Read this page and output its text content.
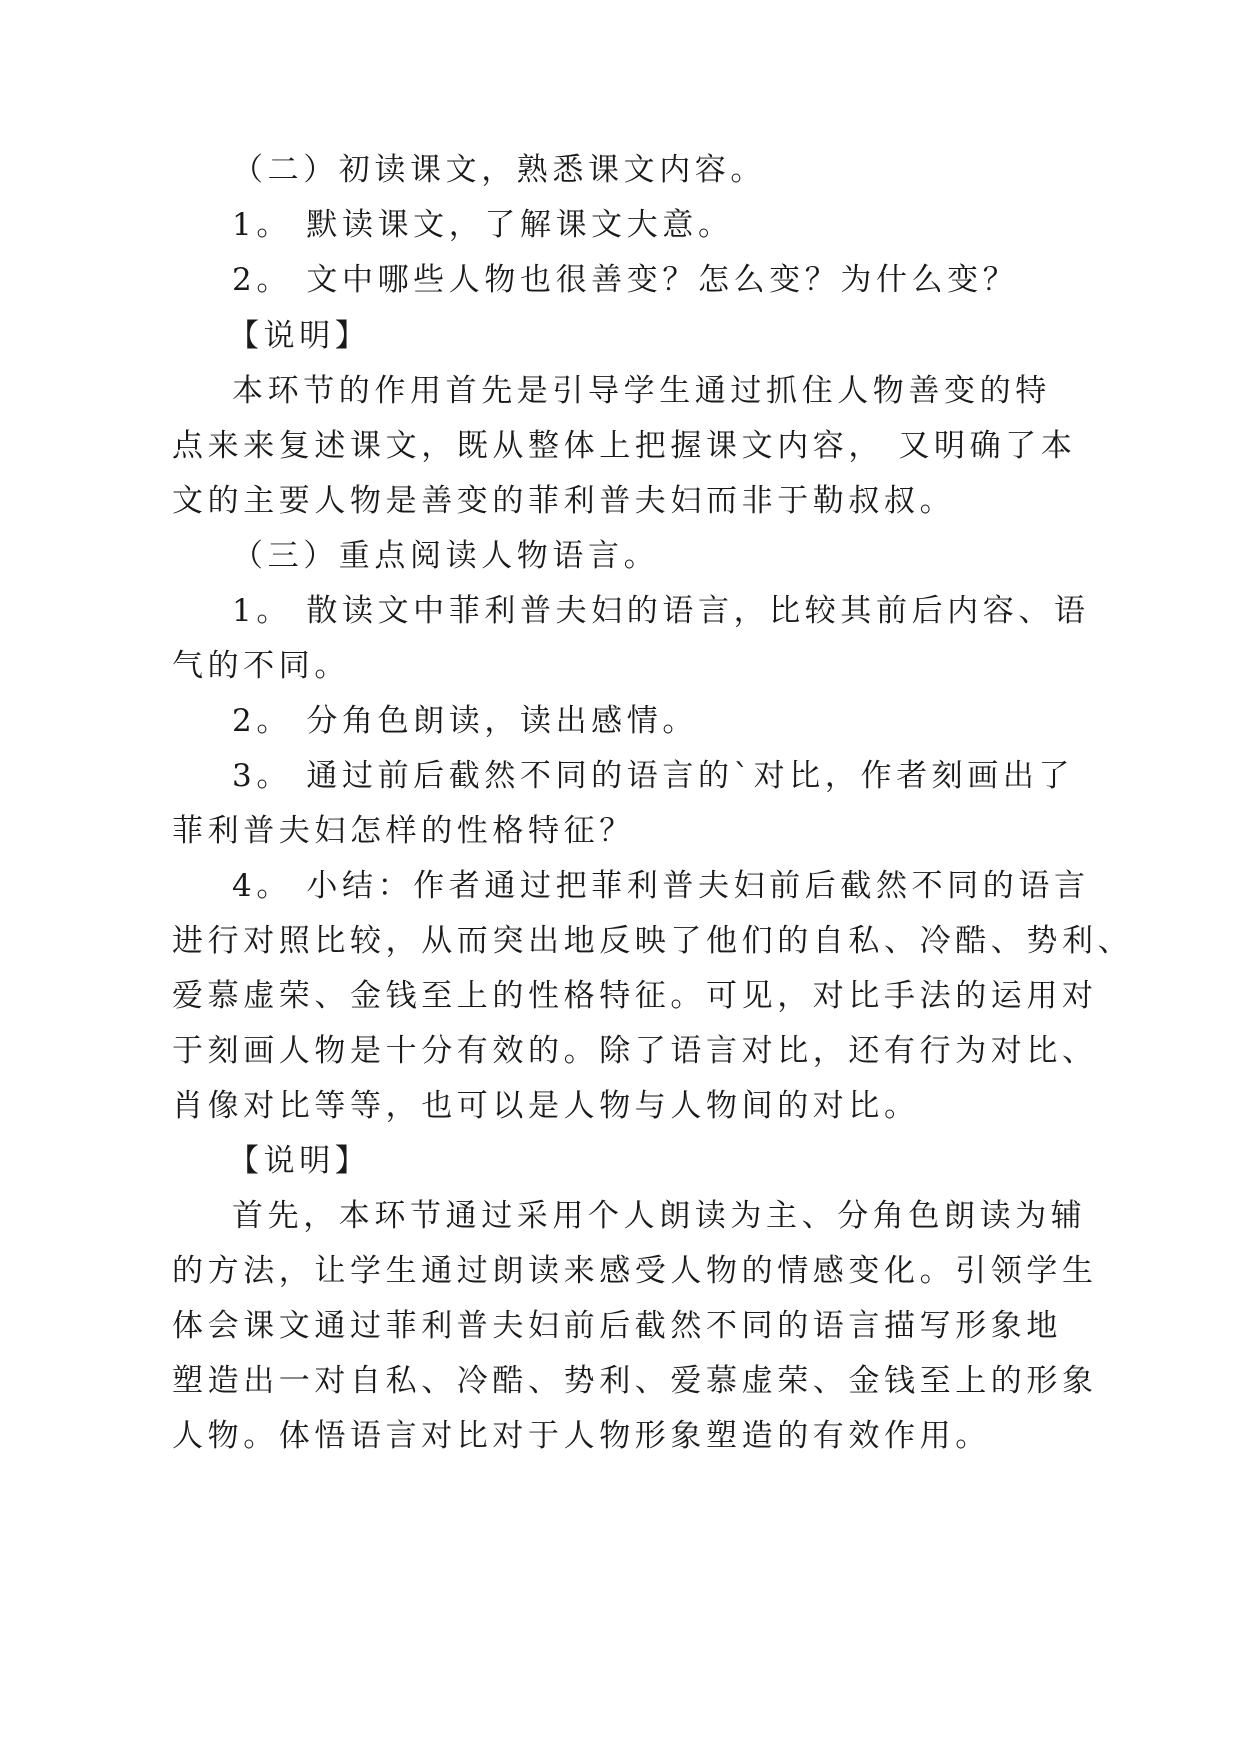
（二）初读课文，熟悉课文内容。
1。 默读课文，了解课文大意。
2。 文中哪些人物也很善变？怎么变？为什么变？
【说明】
本环节的作用首先是引导学生通过抓住人物善变的特
点来来复述课文，既从整体上把握课文内容， 又明确了本
文的主要人物是善变的菲利普夫妇而非于勒叔叔。
（三）重点阅读人物语言。
1。 散读文中菲利普夫妇的语言，比较其前后内容、语
气的不同。
2。 分角色朗读，读出感情。
3。 通过前后截然不同的语言的`对比，作者刻画出了
菲利普夫妇怎样的性格特征？
4。 小结：作者通过把菲利普夫妇前后截然不同的语言
进行对照比较，从而突出地反映了他们的自私、冷酷、势利、
爱慕虚荣、金钱至上的性格特征。可见，对比手法的运用对
于刻画人物是十分有效的。除了语言对比，还有行为对比、
肖像对比等等，也可以是人物与人物间的对比。
【说明】
首先，本环节通过采用个人朗读为主、分角色朗读为辅
的方法，让学生通过朗读来感受人物的情感变化。引领学生
体会课文通过菲利普夫妇前后截然不同的语言描写形象地
塑造出一对自私、冷酷、势利、爱慕虚荣、金钱至上的形象
人物。体悟语言对比对于人物形象塑造的有效作用。
